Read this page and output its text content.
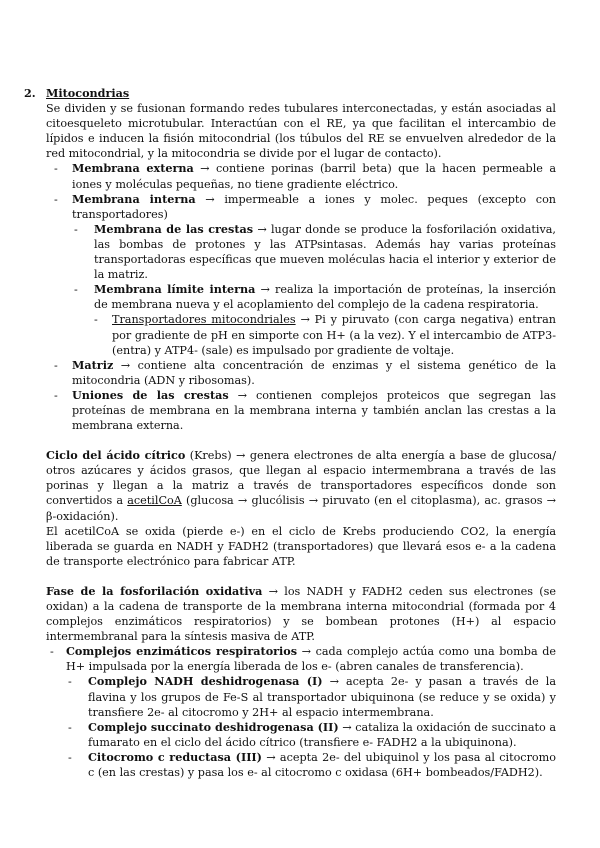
2. Mitocondrias

Se dividen y se fusionan formando redes tubulares interconectadas, y están asociadas al citoesqueleto microtubular. Interactúan con el RE, ya que facilitan el intercambio de lípidos e inducen la fisión mitocondrial (los túbulos del RE se envuelven alrededor de la red mitocondrial, y la mitocondria se divide por el lugar de contacto).

- Membrana externa → contiene porinas (barril beta) que la hacen permeable a iones y moléculas pequeñas, no tiene gradiente eléctrico.
- Membrana interna → impermeable a iones y molec. peques (excepto con transportadores)
- Membrana de las crestas → lugar donde se produce la fosforilación oxidativa, las bombas de protones y las ATPsintasas. Además hay varias proteínas transportadoras específicas que mueven moléculas hacia el interior y exterior de la matriz.
- Membrana límite interna → realiza la importación de proteínas, la inserción de membrana nueva y el acoplamiento del complejo de la cadena respiratoria.
- Transportadores mitocondriales → Pi y piruvato (con carga negativa) entran por gradiente de pH en simporte con H+ (a la vez). Y el intercambio de ATP3- (entra) y ATP4- (sale) es impulsado por gradiente de voltaje.
- Matriz → contiene alta concentración de enzimas y el sistema genético de la mitocondria (ADN y ribosomas).
- Uniones de las crestas → contienen complejos proteicos que segregan las proteínas de membrana en la membrana interna y también anclan las crestas a la membrana externa.

Ciclo del ácido cítrico (Krebs) → genera electrones de alta energía a base de glucosa/ otros azúcares y ácidos grasos, que llegan al espacio intermembrana a través de las porinas y llegan a la matriz a través de transportadores específicos donde son convertidos a acetilCoA (glucosa → glucólisis → piruvato (en el citoplasma), ac. grasos → β-oxidación).

El acetilCoA se oxida (pierde e-) en el ciclo de Krebs produciendo CO2, la energía liberada se guarda en NADH y FADH2 (transportadores) que llevará esos e- a la cadena de transporte electrónico para fabricar ATP.

Fase de la fosforilación oxidativa → los NADH y FADH2 ceden sus electrones (se oxidan) a la cadena de transporte de la membrana interna mitocondrial (formada por 4 complejos enzimáticos respiratorios) y se bombean protones (H+) al espacio intermembranal para la síntesis masiva de ATP.

- Complejos enzimáticos respiratorios → cada complejo actúa como una bomba de H+ impulsada por la energía liberada de los e- (abren canales de transferencia).
- Complejo NADH deshidrogenasa (I) → acepta 2e- y pasan a través de la flavina y los grupos de Fe-S al transportador ubiquinona (se reduce y se oxida) y transfiere 2e- al citocromo y 2H+ al espacio intermembrana.
- Complejo succinato deshidrogenasa (II) → cataliza la oxidación de succinato a fumarato en el ciclo del ácido cítrico (transfiere e- FADH2 a la ubiquinona).
- Citocromo c reductasa (III) → acepta 2e- del ubiquinol y los pasa al citocromo c (en las crestas) y pasa los e- al citocromo c oxidasa (6H+ bombeados/FADH2).
